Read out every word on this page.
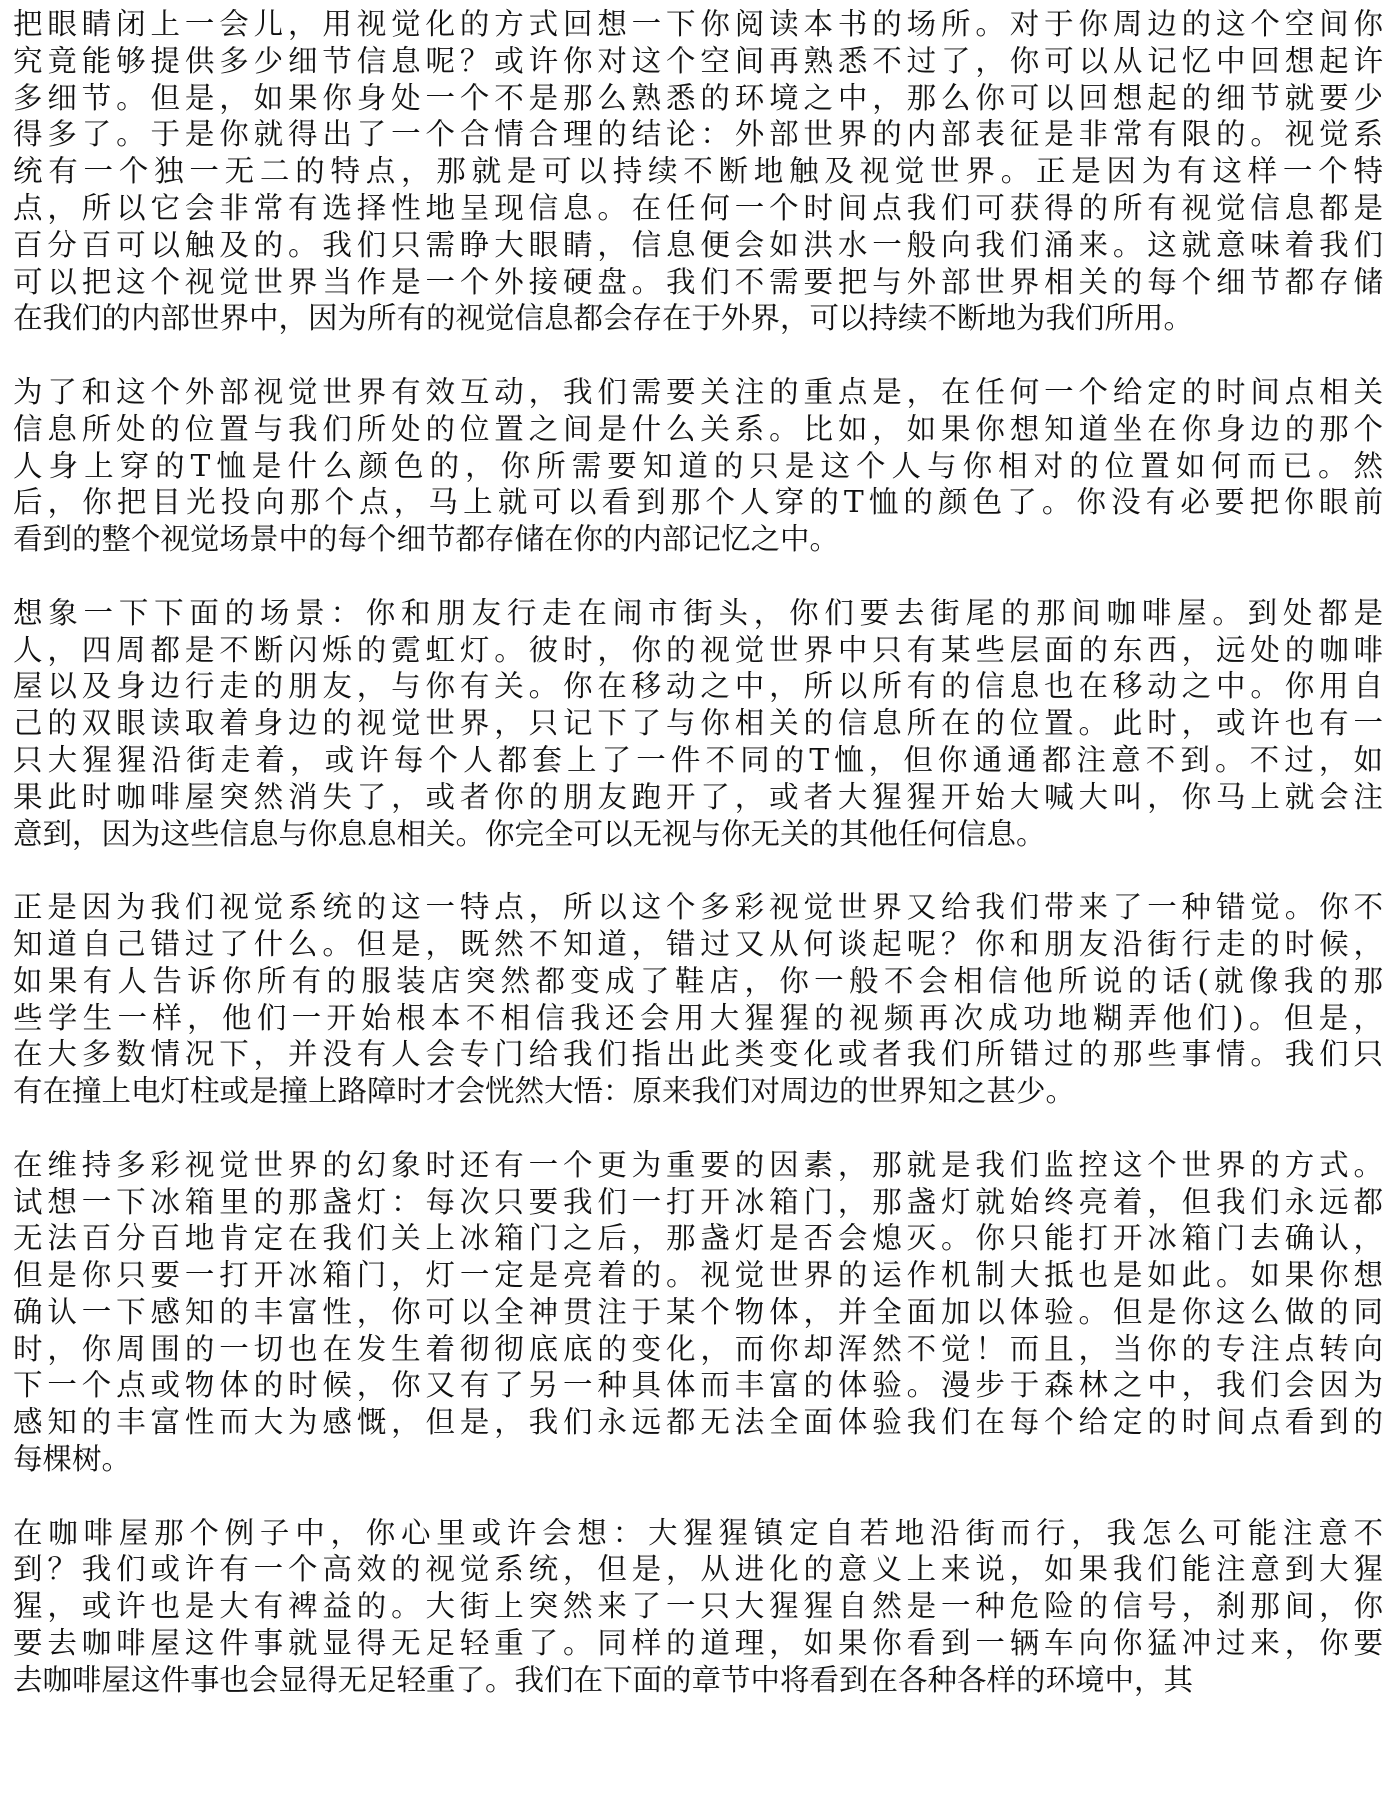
把眼睛闭上一会儿，用视觉化的方式回想一下你阅读本书的场所。对于你周边的这个空间你
究竟能够提供多少细节信息呢？或许你对这个空间再熟悉不过了，你可以从记忆中回想起许
多细节。但是，如果你身处一个不是那么熟悉的环境之中，那么你可以回想起的细节就要少
得多了。于是你就得出了一个合情合理的结论：外部世界的内部表征是非常有限的。视觉系
统有一个独一无二的特点，那就是可以持续不断地触及视觉世界。正是因为有这样一个特
点，所以它会非常有选择性地呈现信息。在任何一个时间点我们可获得的所有视觉信息都是
百分百可以触及的。我们只需睁大眼睛，信息便会如洪水一般向我们涌来。这就意味着我们
可以把这个视觉世界当作是一个外接硬盘。我们不需要把与外部世界相关的每个细节都存储
在我们的内部世界中，因为所有的视觉信息都会存在于外界，可以持续不断地为我们所用。

为了和这个外部视觉世界有效互动，我们需要关注的重点是，在任何一个给定的时间点相关
信息所处的位置与我们所处的位置之间是什么关系。比如，如果你想知道坐在你身边的那个
人身上穿的T恤是什么颜色的，你所需要知道的只是这个人与你相对的位置如何而已。然
后，你把目光投向那个点，马上就可以看到那个人穿的T恤的颜色了。你没有必要把你眼前
看到的整个视觉场景中的每个细节都存储在你的内部记忆之中。

想象一下下面的场景：你和朋友行走在闹市街头，你们要去街尾的那间咖啡屋。到处都是
人，四周都是不断闪烁的霓虹灯。彼时，你的视觉世界中只有某些层面的东西，远处的咖啡
屋以及身边行走的朋友，与你有关。你在移动之中，所以所有的信息也在移动之中。你用自
己的双眼读取着身边的视觉世界，只记下了与你相关的信息所在的位置。此时，或许也有一
只大猩猩沿街走着，或许每个人都套上了一件不同的T恤，但你通通都注意不到。不过，如
果此时咖啡屋突然消失了，或者你的朋友跑开了，或者大猩猩开始大喊大叫，你马上就会注
意到，因为这些信息与你息息相关。你完全可以无视与你无关的其他任何信息。

正是因为我们视觉系统的这一特点，所以这个多彩视觉世界又给我们带来了一种错觉。你不
知道自己错过了什么。但是，既然不知道，错过又从何谈起呢？你和朋友沿街行走的时候，
如果有人告诉你所有的服装店突然都变成了鞋店，你一般不会相信他所说的话(就像我的那
些学生一样，他们一开始根本不相信我还会用大猩猩的视频再次成功地糊弄他们)。但是，
在大多数情况下，并没有人会专门给我们指出此类变化或者我们所错过的那些事情。我们只
有在撞上电灯柱或是撞上路障时才会恍然大悟：原来我们对周边的世界知之甚少。

在维持多彩视觉世界的幻象时还有一个更为重要的因素，那就是我们监控这个世界的方式。
试想一下冰箱里的那盏灯：每次只要我们一打开冰箱门，那盏灯就始终亮着，但我们永远都
无法百分百地肯定在我们关上冰箱门之后，那盏灯是否会熄灭。你只能打开冰箱门去确认，
但是你只要一打开冰箱门，灯一定是亮着的。视觉世界的运作机制大抵也是如此。如果你想
确认一下感知的丰富性，你可以全神贯注于某个物体，并全面加以体验。但是你这么做的同
时，你周围的一切也在发生着彻彻底底的变化，而你却浑然不觉！而且，当你的专注点转向
下一个点或物体的时候，你又有了另一种具体而丰富的体验。漫步于森林之中，我们会因为
感知的丰富性而大为感慨，但是，我们永远都无法全面体验我们在每个给定的时间点看到的
每棵树。

在咖啡屋那个例子中，你心里或许会想：大猩猩镇定自若地沿街而行，我怎么可能注意不
到？我们或许有一个高效的视觉系统，但是，从进化的意义上来说，如果我们能注意到大猩
猩，或许也是大有裨益的。大街上突然来了一只大猩猩自然是一种危险的信号，刹那间，你
要去咖啡屋这件事就显得无足轻重了。同样的道理，如果你看到一辆车向你猛冲过来，你要
去咖啡屋这件事也会显得无足轻重了。我们在下面的章节中将看到在各种各样的环境中，其
